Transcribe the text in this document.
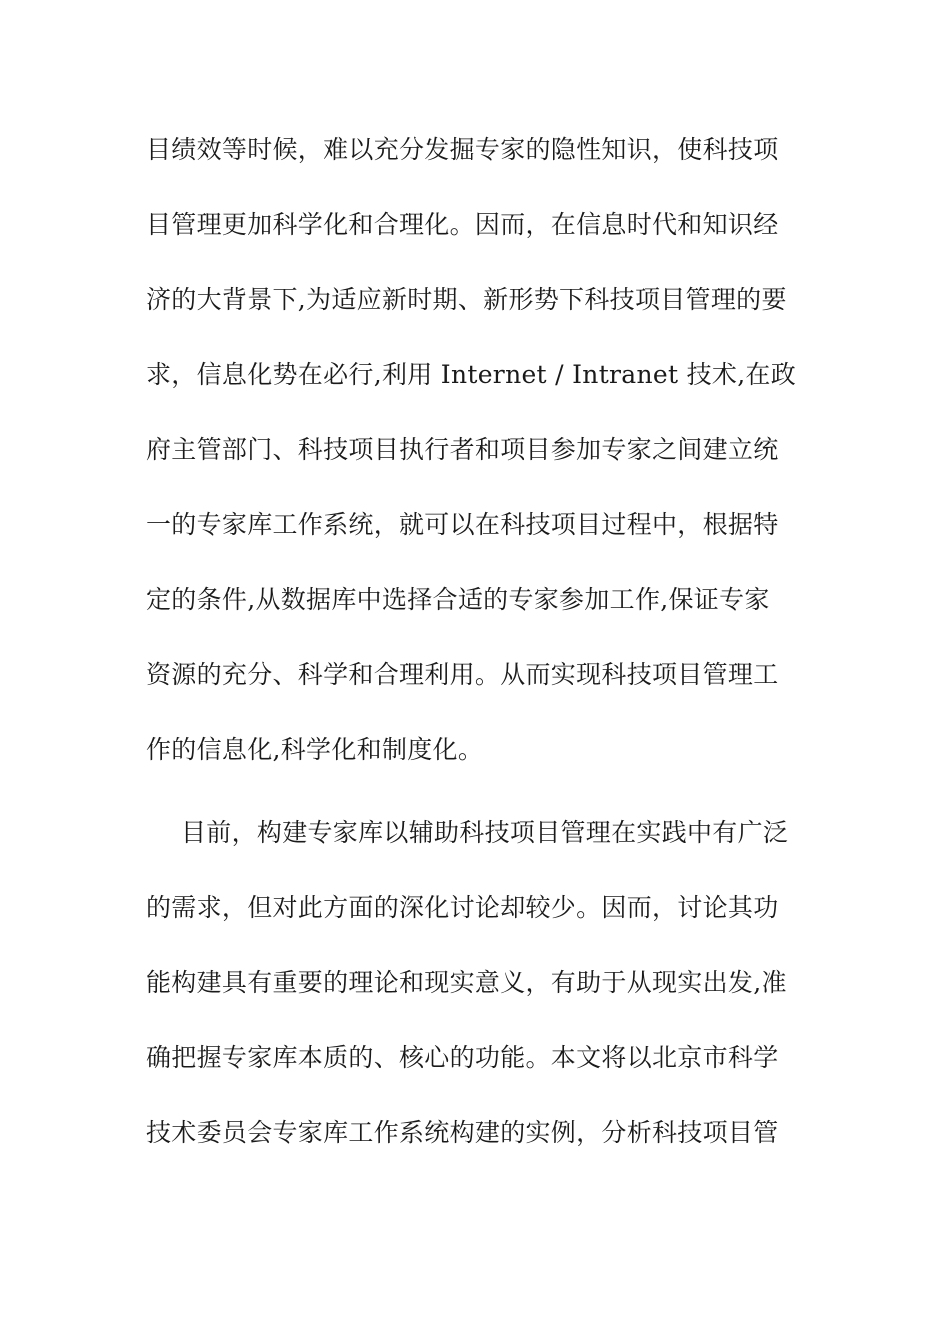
目绩效等时候，难以充分发掘专家的隐性知识，使科技项
目管理更加科学化和合理化。因而，在信息时代和知识经
济的大背景下,为适应新时期、新形势下科技项目管理的要
求，信息化势在必行,利用 Internet / Intranet 技术,在政
府主管部门、科技项目执行者和项目参加专家之间建立统
一的专家库工作系统，就可以在科技项目过程中，根据特
定的条件,从数据库中选择合适的专家参加工作,保证专家
资源的充分、科学和合理利用。从而实现科技项目管理工
作的信息化,科学化和制度化。
目前，构建专家库以辅助科技项目管理在实践中有广泛
的需求，但对此方面的深化讨论却较少。因而，讨论其功
能构建具有重要的理论和现实意义，有助于从现实出发,准
确把握专家库本质的、核心的功能。本文将以北京市科学
技术委员会专家库工作系统构建的实例，分析科技项目管
